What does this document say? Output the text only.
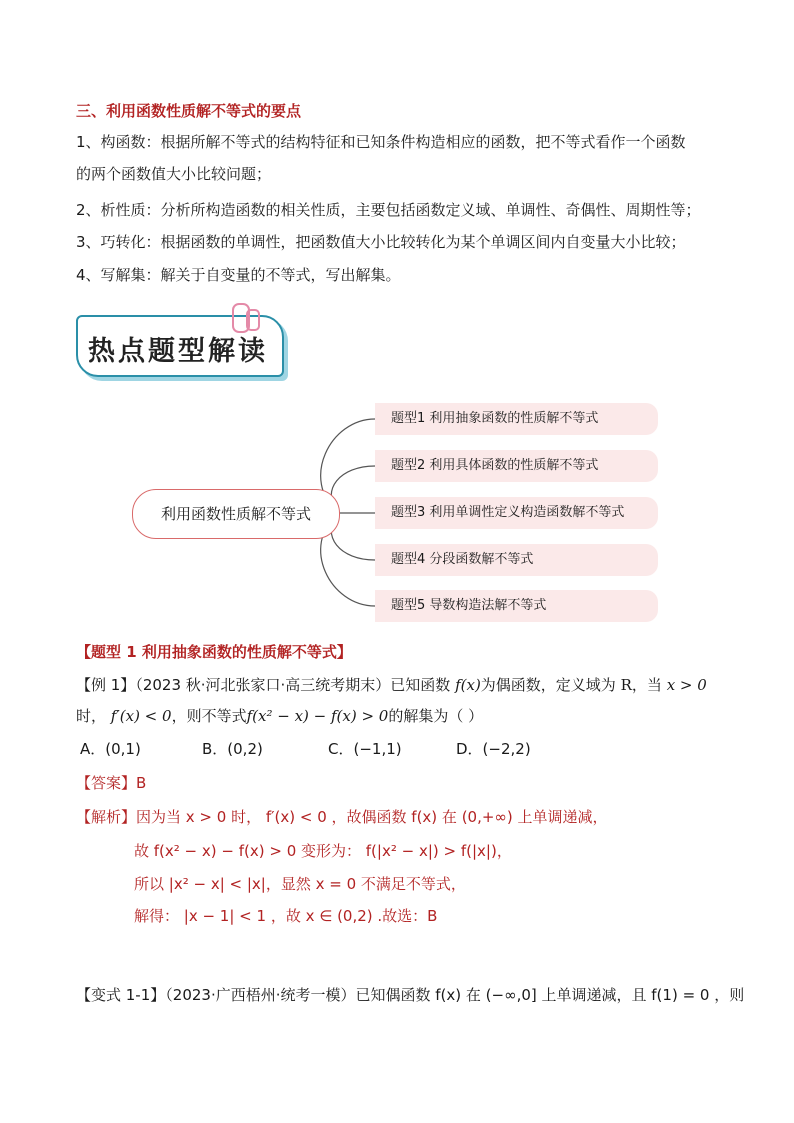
三、利用函数性质解不等式的要点
1、构函数：根据所解不等式的结构特征和已知条件构造相应的函数，把不等式看作一个函数
的两个函数值大小比较问题；
2、析性质：分析所构造函数的相关性质，主要包括函数定义域、单调性、奇偶性、周期性等；
3、巧转化：根据函数的单调性，把函数值大小比较转化为某个单调区间内自变量大小比较；
4、写解集：解关于自变量的不等式，写出解集。
热点题型解读
利用函数性质解不等式
题型1 利用抽象函数的性质解不等式
题型2 利用具体函数的性质解不等式
题型3 利用单调性定义构造函数解不等式
题型4 分段函数解不等式
题型5 导数构造法解不等式
【题型 1 利用抽象函数的性质解不等式】
【例 1】（2023 秋·河北张家口·高三统考期末）已知函数 f(x)为偶函数，定义域为 R，当 x > 0
时， f′(x) < 0，则不等式f(x² − x) − f(x) > 0的解集为（ ）
A．(0,1)	B．(0,2)	C．(−1,1)	D．(−2,2)
【答案】B
【解析】因为当 x > 0 时， f′(x) < 0 ，故偶函数 f(x) 在 (0,+∞) 上单调递减，
故 f(x² − x) − f(x) > 0 变形为： f(|x² − x|) > f(|x|)，
所以 |x² − x| < |x|，显然 x = 0 不满足不等式，
解得： |x − 1| < 1 ，故 x ∈ (0,2) .故选：B
【变式 1-1】（2023·广西梧州·统考一模）已知偶函数 f(x) 在 (−∞,0] 上单调递减，且 f(1) = 0 ，则
